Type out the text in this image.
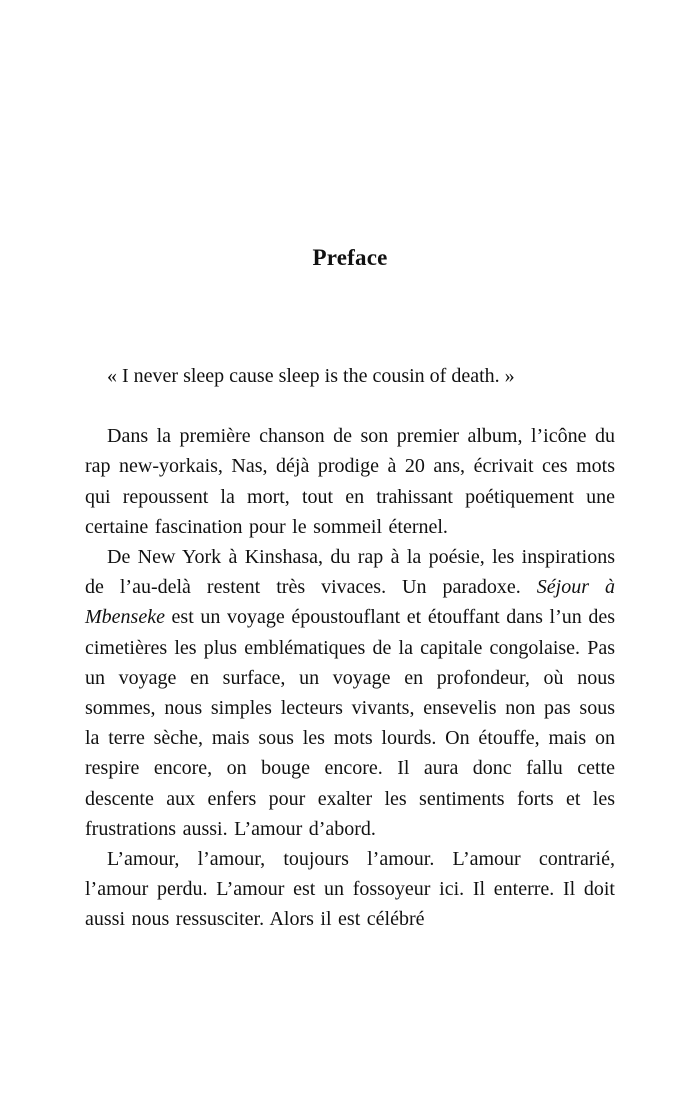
Preface

« I never sleep cause sleep is the cousin of death. »

Dans la première chanson de son premier album, l’icône du rap new-yorkais, Nas, déjà prodige à 20 ans, écrivait ces mots qui repoussent la mort, tout en trahissant poétiquement une certaine fascination pour le sommeil éternel.

De New York à Kinshasa, du rap à la poésie, les inspirations de l’au-delà restent très vivaces. Un paradoxe. Séjour à Mbenseke est un voyage époustouflant et étouffant dans l’un des cimetières les plus emblématiques de la capitale congolaise. Pas un voyage en surface, un voyage en profondeur, où nous sommes, nous simples lecteurs vivants, ensevelis non pas sous la terre sèche, mais sous les mots lourds. On étouffe, mais on respire encore, on bouge encore. Il aura donc fallu cette descente aux enfers pour exalter les sentiments forts et les frustrations aussi. L’amour d’abord.

L’amour, l’amour, toujours l’amour. L’amour contrarié, l’amour perdu. L’amour est un fossoyeur ici. Il enterre. Il doit aussi nous ressusciter. Alors il est célébré
